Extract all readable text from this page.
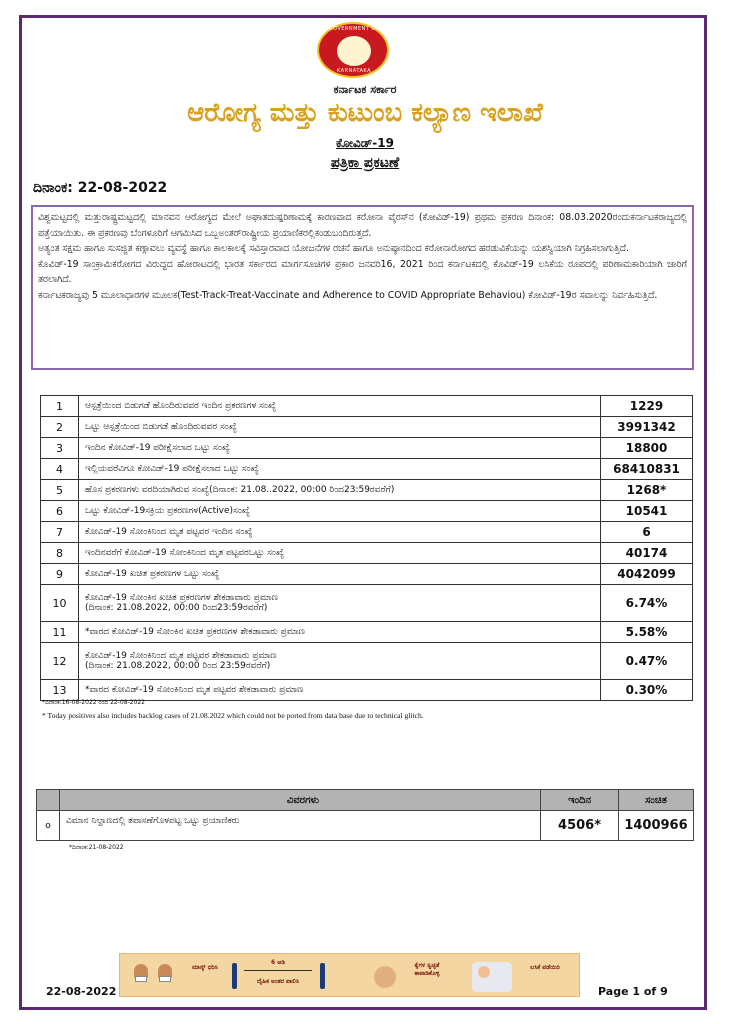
GOVERNMENT OF
KARNATAKA
ಕರ್ನಾಟಕ ಸರ್ಕಾರ
ಆರೋಗ್ಯ ಮತ್ತು ಕುಟುಂಬ ಕಲ್ಯಾಣ ಇಲಾಖೆ
ಕೋವಿಡ್-19
ಪತ್ರಿಕಾ ಪ್ರಕಟಣೆ
ದಿನಾಂಕ: 22-08-2022

ವಿಶ್ವಮಟ್ಟದಲ್ಲಿ ಮತ್ತುರಾಷ್ಟ್ರಮಟ್ಟದಲ್ಲಿ ಮಾನವನ ಆರೋಗ್ಯದ ಮೇಲೆ ಅಘಾತದುಷ್ಪರಿಣಾಮಕ್ಕೆ ಕಾರಣವಾದ ಕರೋನಾ ವೈರಸ್‌ನ (ಕೋವಿಡ್-19) ಪ್ರಥಮ ಪ್ರಕರಣ ದಿನಾಂಕ: 08.03.2020ರಂದುಕರ್ನಾಟಕರಾಜ್ಯದಲ್ಲಿ ಪತ್ತೆಯಾಯಿತು. ಈ ಪ್ರಕರಣವು ಬೆಂಗಳೂರಿಗೆ ಆಗಮಿಸಿದ ಒಬ್ಬಅಂತರ್‌ರಾಷ್ಟ್ರೀಯ ಪ್ರಯಾಣಿಕರಲ್ಲಿಕಂಡುಬಂದಿರುತ್ತದೆ.

ಅತ್ಯಂತ ಸಕ್ಷಮ ಹಾಗೂ ಸುಸಜ್ಜಿತ ಕಣ್ಗಾವಲು ವ್ಯವಸ್ಥೆ ಹಾಗೂ ಕಾಲಕಾಲಕ್ಕೆ ಸವಿಸ್ತಾರವಾದ ಯೋಜನೆಗಳ ರಚನೆ ಹಾಗೂ ಅನುಷ್ಠಾನದಿಂದ ಕರೋನಾರೋಗದ ಹರಡುವಿಕೆಯನ್ನು ಯಶಸ್ವಿಯಾಗಿ ನಿಗ್ರಹಿಸಲಾಗುತ್ತಿದೆ.

ಕೊವಿಡ್-19 ಸಾಂಕ್ರಾಮಿಕರೋಗದ ವಿರುದ್ಧದ ಹೋರಾಟದಲ್ಲಿ ಭಾರತ ಸರ್ಕಾರದ ಮಾರ್ಗಸೂಚಿಗಳ ಪ್ರಕಾರ ಜನವರಿ16, 2021 ರಿಂದ ಕರ್ನಾಟಕದಲ್ಲಿ ಕೊವಿಡ್-19 ಲಸಿಕೆಯ ರೂಪದಲ್ಲಿ ಪರಿಣಾಮಕಾರಿಯಾಗಿ ಜಾರಿಗೆ ತರಲಾಗಿದೆ.

ಕರ್ನಾಟಕರಾಜ್ಯವು 5 ಮೂಲಾಧಾರಗಳ ಮೂಲಕ(Test-Track-Treat-Vaccinate and Adherence to COVID Appropriate Behaviou) ಕೋವಿಡ್-19ರ ಸವಾಲನ್ನು ನಿರ್ವಹಿಸುತ್ತಿದೆ.

1	ಆಸ್ಪತ್ರೆಯಿಂದ ಬಿಡುಗಡೆ ಹೊಂದಿರುವವರ ಇಂದಿನ ಪ್ರಕರಣಗಳ ಸಂಖ್ಯೆ	1229
2	ಒಟ್ಟು ಆಸ್ಪತ್ರೆಯಿಂದ ಬಿಡುಗಡೆ ಹೊಂದಿರುವವರ ಸಂಖ್ಯೆ	3991342
3	ಇಂದಿನ ಕೋವಿಡ್-19 ಪರೀಕ್ಷೆಸಲಾದ ಒಟ್ಟು ಸಂಖ್ಯೆ	18800
4	ಇಲ್ಲಿಯವರೆವಿಗೂ ಕೋವಿಡ್-19 ಪರೀಕ್ಷೆಸಲಾದ ಒಟ್ಟು ಸಂಖ್ಯೆ	68410831
5	ಹೊಸ ಪ್ರಕರಣಗಳು ವರದಿಯಾಗಿರುವ ಸಂಖ್ಯೆ(ದಿನಾಂಕ: 21.08..2022, 00:00 ರಿಂದ23:59ರವರೆಗೆ)	1268*
6	ಒಟ್ಟು ಕೋವಿಡ್-19ಸಕ್ರಿಯ ಪ್ರಕರಣಗಳ(Active)ಸಂಖ್ಯೆ	10541
7	ಕೋವಿಡ್-19 ಸೋಂಕಿನಿಂದ ಮೃತ ಪಟ್ಟವರ ಇಂದಿನ ಸಂಖ್ಯೆ	6
8	ಇಂದಿನವರೆಗೆ ಕೋವಿಡ್-19 ಸೋಂಕಿನಿಂದ ಮೃತ ಪಟ್ಟವರಒಟ್ಟು ಸಂಖ್ಯೆ	40174
9	ಕೋವಿಡ್-19 ಖಚಿತ ಪ್ರಕರಣಗಳ ಒಟ್ಟು ಸಂಖ್ಯೆ	4042099
10	ಕೋವಿಡ್-19 ಸೋಂಕಿನ ಖಚಿತ ಪ್ರಕರಣಗಳ ಶೇಕಡಾವಾರು ಪ್ರಮಾಣ
(ದಿನಾಂಕ: 21.08.2022, 00:00 ರಿಂದ23:59ರವರೆಗೆ)	6.74%
11	*ವಾರದ ಕೋವಿಡ್-19 ಸೋಂಕಿನ ಖಚಿತ ಪ್ರಕರಣಗಳ ಶೇಕಡಾವಾರು ಪ್ರಮಾಣ	5.58%
12	ಕೋವಿಡ್-19 ಸೋಂಕಿನಿಂದ ಮೃತ ಪಟ್ಟವರ ಶೇಕಡಾವಾರು ಪ್ರಮಾಣ
(ದಿನಾಂಕ: 21.08.2022, 00:00 ರಿಂದ 23:59ರವರೆಗೆ)	0.47%
13	*ವಾರದ ಕೋವಿಡ್-19 ಸೋಂಕಿನಿಂದ ಮೃತ ಪಟ್ಟವರ ಶೇಕಡಾವಾರು ಪ್ರಮಾಣ	0.30%
*ದಿನಾಂಕ:16-08-2022 ರಿಂದ 22-08-2022
* Today positives also includes backlog cases of 21.08.2022 which could not be ported from data base due to technical glitch.
	ವಿವರಗಳು	ಇಂದಿನ	ಸಂಚಿತ
o	ವಿಮಾನ ನಿಲ್ದಾಣದಲ್ಲಿ ತಪಾಸಣೆಗೊಳಪಟ್ಟ ಒಟ್ಟು ಪ್ರಯಾಣಿಕರು	4506*	1400966
*ದಿನಾಂಕ:21-08-2022
ಮಾಸ್ಕ್ ಧರಿಸಿ
6 ಅಡಿ
ದೈಹಿಕ ಅಂತರ ಪಾಲಿಸಿ
ಕೈಗಳ ಸ್ವಚ್ಛತೆ ಕಾಪಾಡಿಕೊಳ್ಳಿ
ಲಸಿಕೆ ಪಡೆಯಿರಿ
22-08-2022	Page 1 of 9
